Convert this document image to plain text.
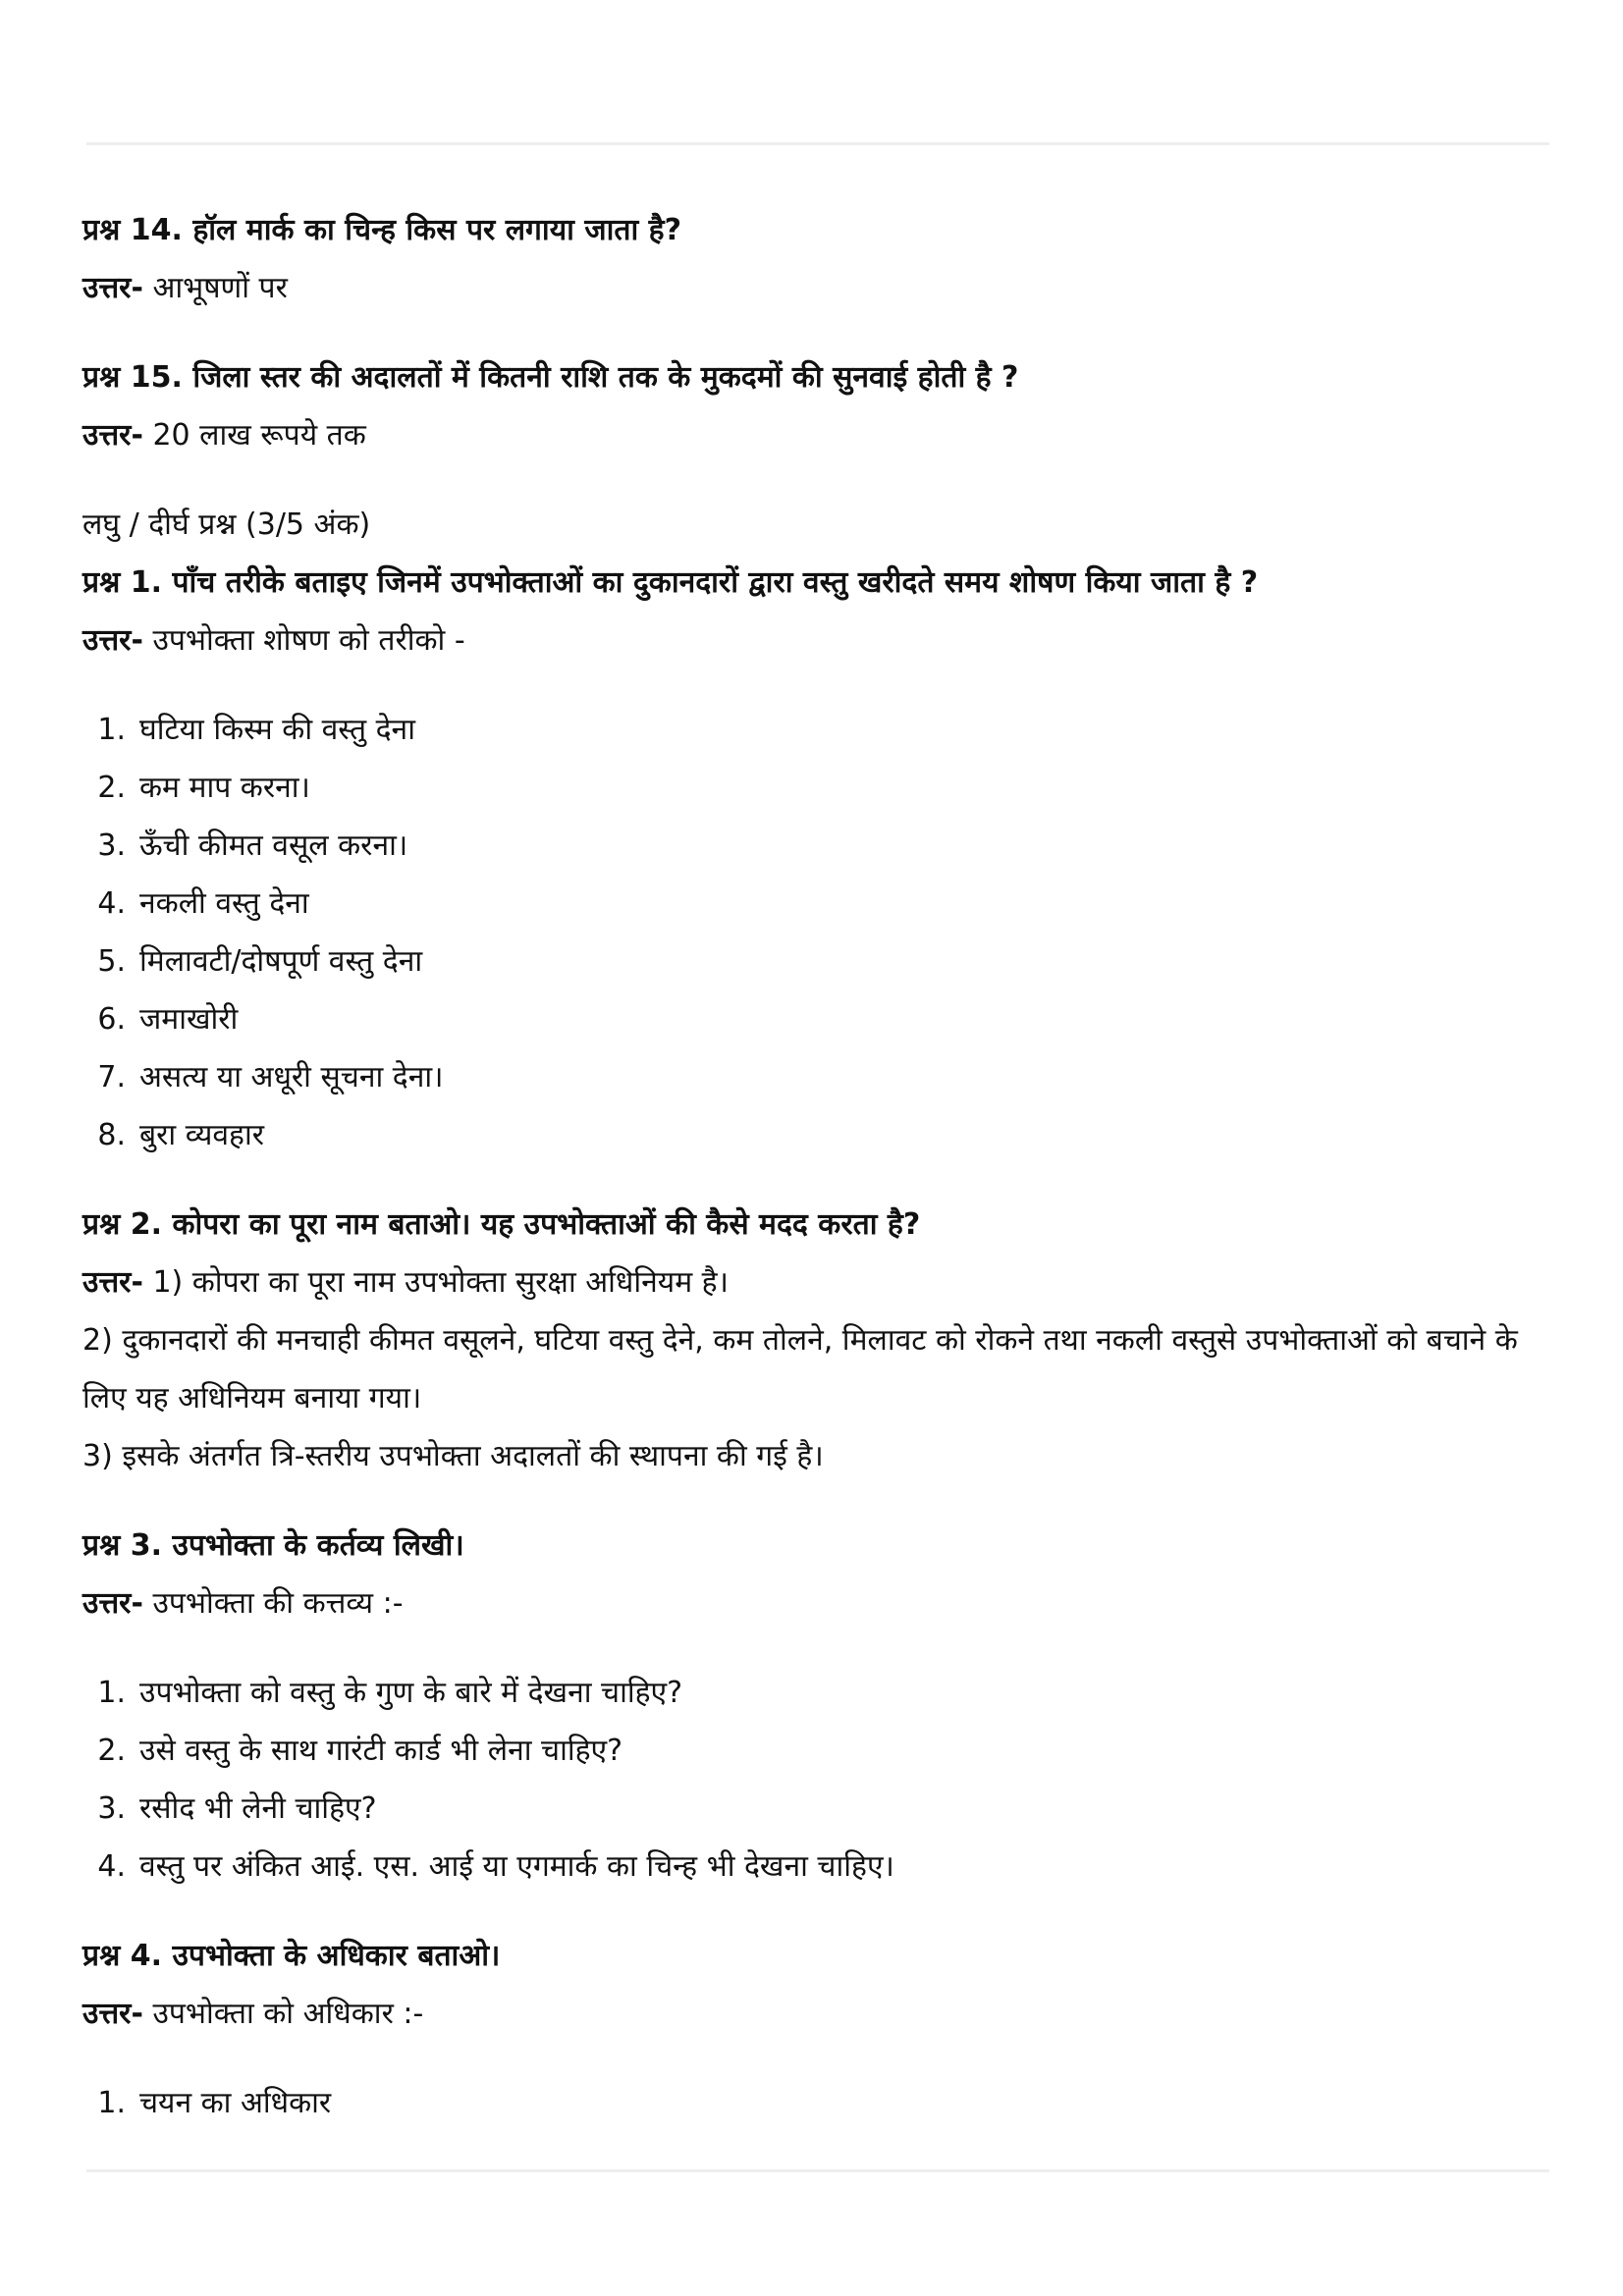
प्रश्न 14. हॉल मार्क का चिन्ह किस पर लगाया जाता है?

उत्तर- आभूषणों पर

प्रश्न 15. जिला स्तर की अदालतों में कितनी राशि तक के मुकदमों की सुनवाई होती है ?

उत्तर- 20 लाख रूपये तक

लघु / दीर्घ प्रश्न (3/5 अंक)

प्रश्न 1. पाँच तरीके बताइए जिनमें उपभोक्ताओं का दुकानदारों द्वारा वस्तु खरीदते समय शोषण किया जाता है ?

उत्तर- उपभोक्ता शोषण को तरीको -

1. घटिया किस्म की वस्तु देना
2. कम माप करना।
3. ऊँची कीमत वसूल करना।
4. नकली वस्तु देना
5. मिलावटी/दोषपूर्ण वस्तु देना
6. जमाखोरी
7. असत्य या अधूरी सूचना देना।
8. बुरा व्यवहार

प्रश्न 2. कोपरा का पूरा नाम बताओ। यह उपभोक्ताओं की कैसे मदद करता है?

उत्तर- 1) कोपरा का पूरा नाम उपभोक्ता सुरक्षा अधिनियम है।

2) दुकानदारों की मनचाही कीमत वसूलने, घटिया वस्तु देने, कम तोलने, मिलावट को रोकने तथा नकली वस्तुसे उपभोक्ताओं को बचाने के लिए यह अधिनियम बनाया गया।

3) इसके अंतर्गत त्रि-स्तरीय उपभोक्ता अदालतों की स्थापना की गई है।

प्रश्न 3. उपभोक्ता के कर्तव्य लिखी।

उत्तर- उपभोक्ता की कत्तव्य :-

1. उपभोक्ता को वस्तु के गुण के बारे में देखना चाहिए?
2. उसे वस्तु के साथ गारंटी कार्ड भी लेना चाहिए?
3. रसीद भी लेनी चाहिए?
4. वस्तु पर अंकित आई. एस. आई या एगमार्क का चिन्ह भी देखना चाहिए।

प्रश्न 4. उपभोक्ता के अधिकार बताओ।

उत्तर- उपभोक्ता को अधिकार :-

1. चयन का अधिकार
